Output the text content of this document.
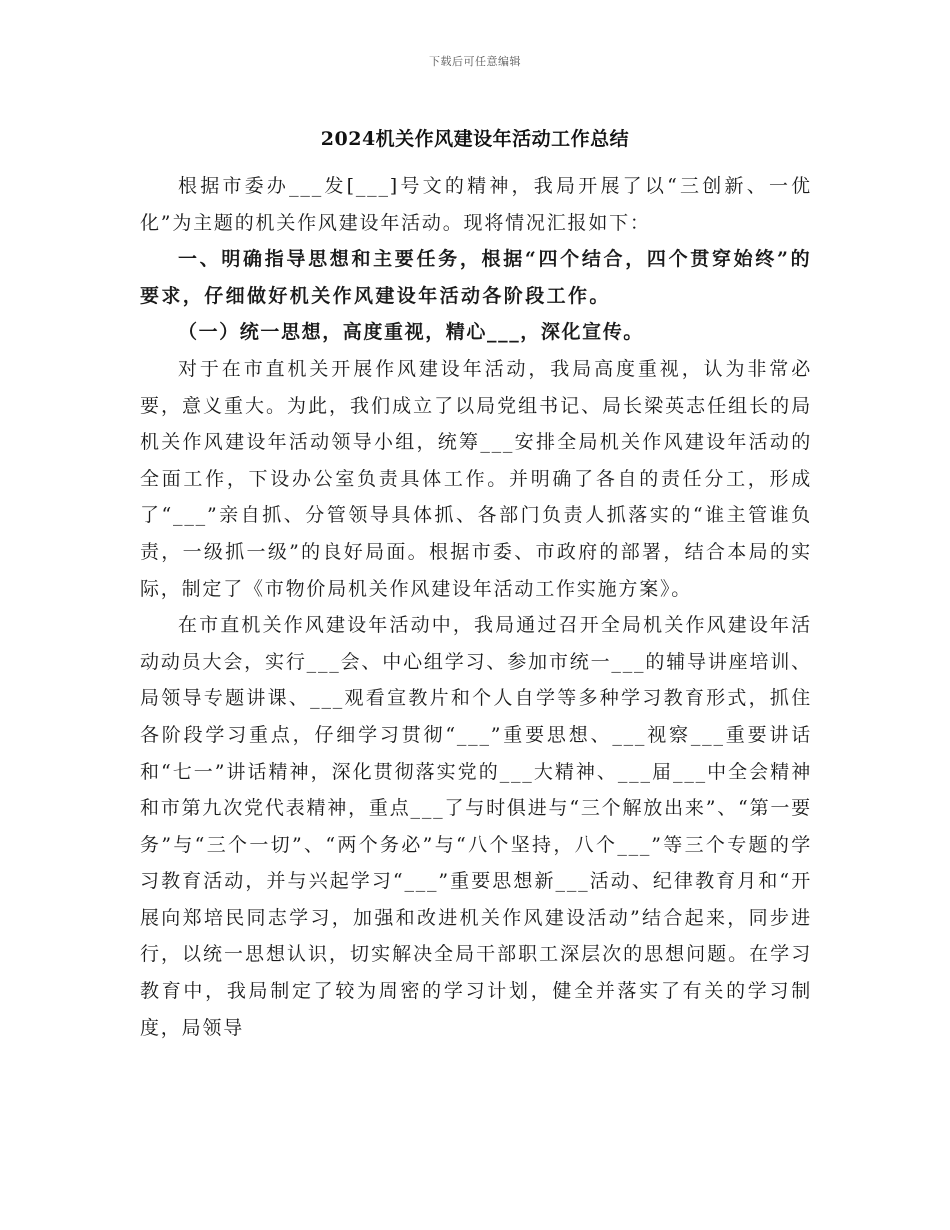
下载后可任意编辑
2024机关作风建设年活动工作总结

根据市委办___发[___]号文的精神，我局开展了以“三创新、一优化”为主题的机关作风建设年活动。现将情况汇报如下：

一、明确指导思想和主要任务，根据“四个结合，四个贯穿始终”的要求，仔细做好机关作风建设年活动各阶段工作。

（一）统一思想，高度重视，精心___，深化宣传。

对于在市直机关开展作风建设年活动，我局高度重视，认为非常必要，意义重大。为此，我们成立了以局党组书记、局长梁英志任组长的局机关作风建设年活动领导小组，统筹___安排全局机关作风建设年活动的全面工作，下设办公室负责具体工作。并明确了各自的责任分工，形成了“___”亲自抓、分管领导具体抓、各部门负责人抓落实的“谁主管谁负责，一级抓一级”的良好局面。根据市委、市政府的部署，结合本局的实际，制定了《市物价局机关作风建设年活动工作实施方案》。

在市直机关作风建设年活动中，我局通过召开全局机关作风建设年活动动员大会，实行___会、中心组学习、参加市统一___的辅导讲座培训、局领导专题讲课、___观看宣教片和个人自学等多种学习教育形式，抓住各阶段学习重点，仔细学习贯彻“___”重要思想、___视察___重要讲话和“七一”讲话精神，深化贯彻落实党的___大精神、___届___中全会精神和市第九次党代表精神，重点___了与时俱进与“三个解放出来”、“第一要务”与“三个一切”、“两个务必”与“八个坚持，八个___”等三个专题的学习教育活动，并与兴起学习“___”重要思想新___活动、纪律教育月和“开展向郑培民同志学习，加强和改进机关作风建设活动”结合起来，同步进行，以统一思想认识，切实解决全局干部职工深层次的思想问题。在学习教育中，我局制定了较为周密的学习计划，健全并落实了有关的学习制度，局领导
